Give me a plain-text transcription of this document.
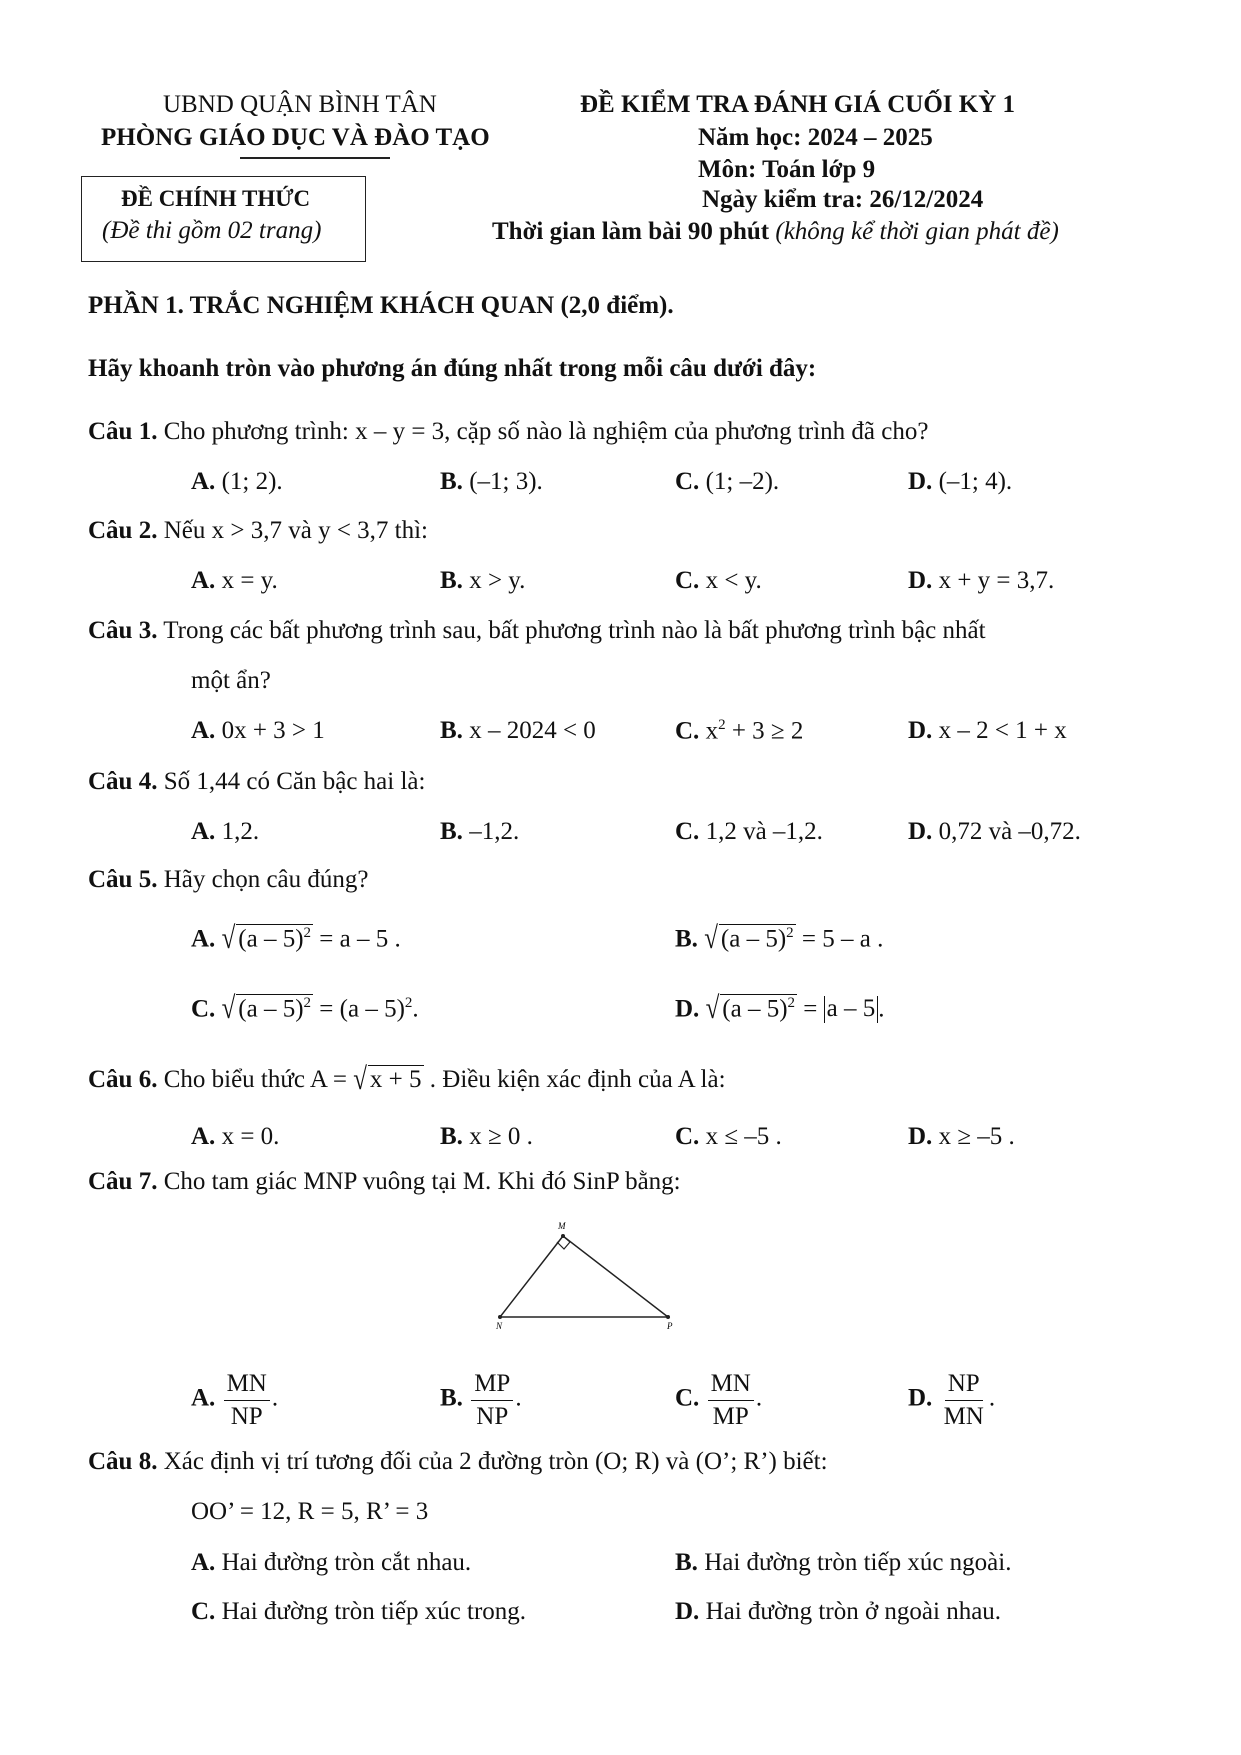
UBND QUẬN BÌNH TÂN
PHÒNG GIÁO DỤC VÀ ĐÀO TẠO
ĐỀ CHÍNH THỨC
(Đề thi gồm 02 trang)
ĐỀ KIỂM TRA ĐÁNH GIÁ CUỐI KỲ 1
Năm học: 2024 – 2025
Môn: Toán lớp 9
Ngày kiểm tra: 26/12/2024
Thời gian làm bài 90 phút (không kể thời gian phát đề)
PHẦN 1. TRẮC NGHIỆM KHÁCH QUAN (2,0 điểm).
Hãy khoanh tròn vào phương án đúng nhất trong mỗi câu dưới đây:
Câu 1. Cho phương trình: x – y = 3, cặp số nào là nghiệm của phương trình đã cho?
A. (1; 2).	B. (–1; 3).	C. (1; –2).	D. (–1; 4).
Câu 2. Nếu x > 3,7 và y < 3,7 thì:
A. x = y.	B. x > y.	C. x < y.	D. x + y = 3,7.
Câu 3. Trong các bất phương trình sau, bất phương trình nào là bất phương trình bậc nhất
một ẩn?
A. 0x + 3 > 1	B. x – 2024 < 0	C. $x^2 + 3 \ge 2$	D. x – 2 < 1 + x
Câu 4. Số 1,44 có Căn bậc hai là:
A. 1,2.	B. –1,2.	C. 1,2 và –1,2.	D. 0,72 và –0,72.
Câu 5. Hãy chọn câu đúng?
A. √ (a – 5)$^2$ = a – 5 .	B. √ (a – 5)$^2$ = 5 – a .
C. √ (a – 5)$^2$ = (a – 5)$^2$.	D. √ (a – 5)$^2$ = a – 5 .
Câu 6. Cho biểu thức A = √ x + 5 . Điều kiện xác định của A là:
A. x = 0.	B. x ≥ 0 .	C. x ≤ –5 .	D. x ≥ –5 .
Câu 7. Cho tam giác MNP vuông tại M. Khi đó SinP bằng:
M
N	P
A. $\frac{MN}{NP}$ .	B. $\frac{MP}{NP}$ .	C. $\frac{MN}{MP}$ .	D. $\frac{NP}{MN}$ .
Câu 8. Xác định vị trí tương đối của 2 đường tròn (O; R) và (O’; R’) biết:
OO’ = 12, R = 5, R’ = 3
A. Hai đường tròn cắt nhau.	B. Hai đường tròn tiếp xúc ngoài.
C. Hai đường tròn tiếp xúc trong.	D. Hai đường tròn ở ngoài nhau.
